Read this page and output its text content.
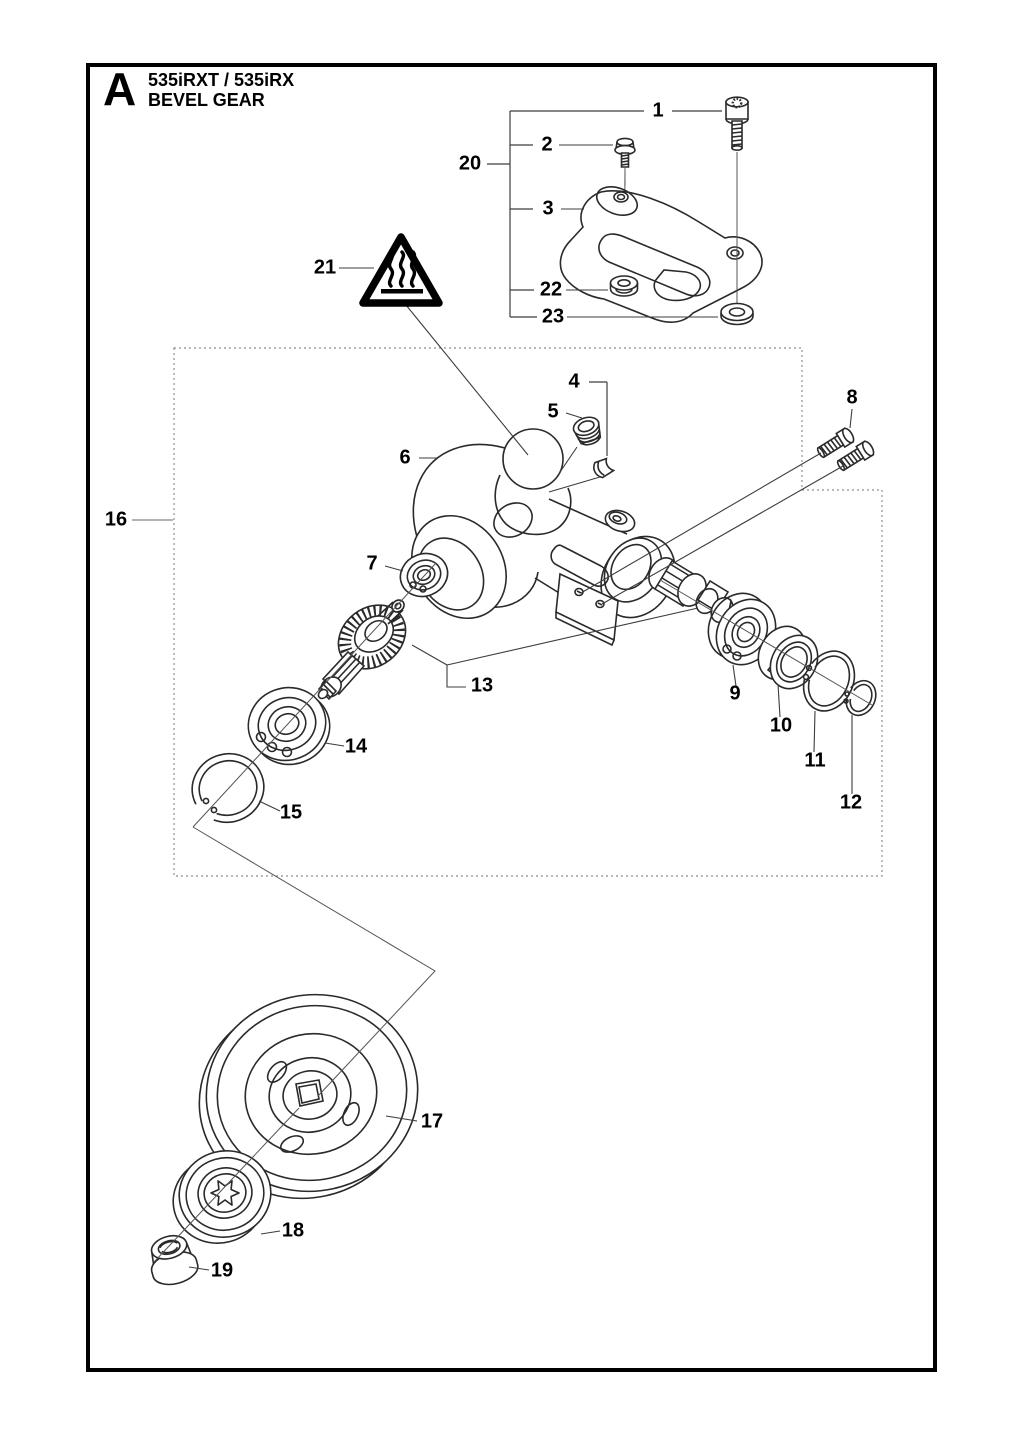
A 535iRXT / 535iRX
BEVEL GEAR	1
2
3
4
5
6
7
8
9
10
11
12
13
14
15
16
17
18
19
20
21
22
23
